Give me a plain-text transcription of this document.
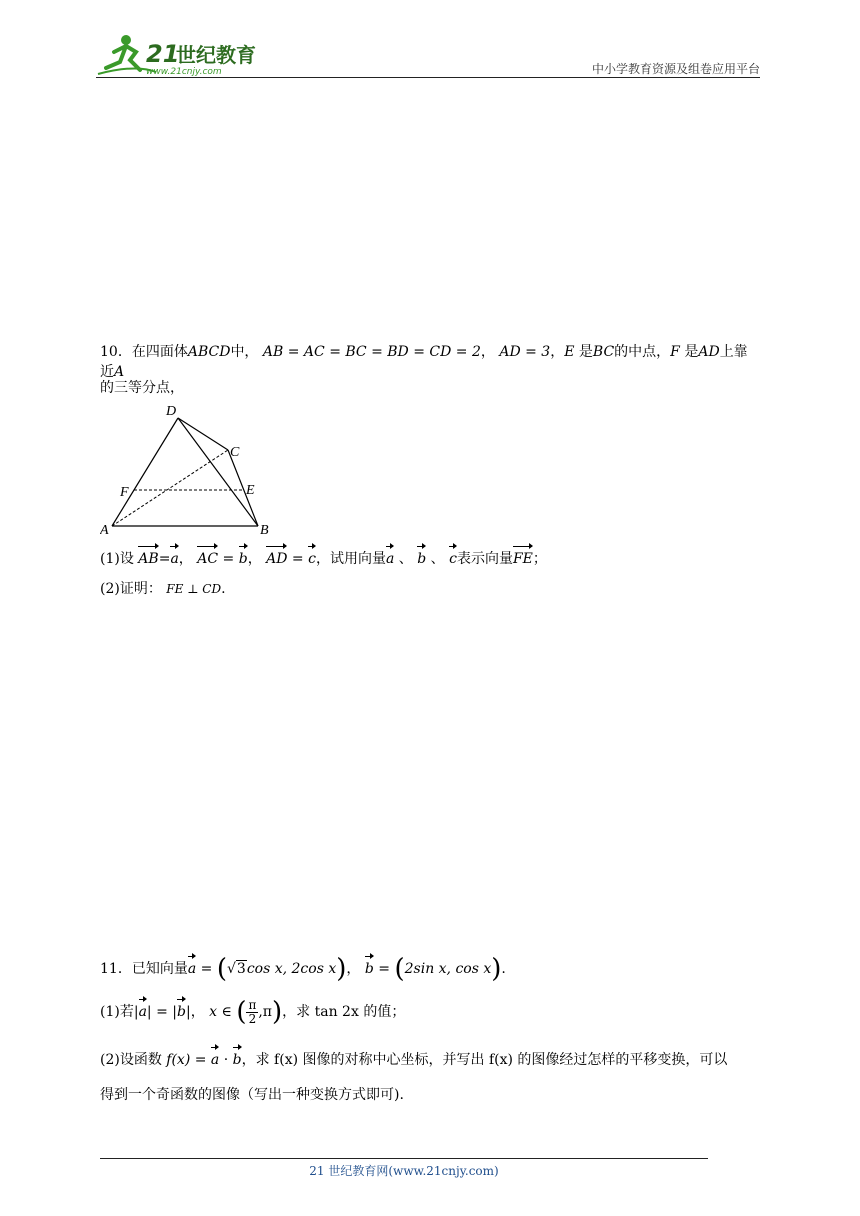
21
世纪教育
www.21cnjy.com	中小学教育资源及组卷应用平台
10．在四面体ABCD中， AB = AC = BC = BD = CD = 2， AD = 3，E 是BC的中点，F 是AD上靠近A
的三等分点，
D
C
F	E
A	B
(1)设 AB=a， AC = b， AD = c，试用向量a 、 b 、 c表示向量FE；
(2)证明： FE ⊥ CD.
11．已知向量a = (√3cos x, 2cos x)， b = (2sin x, cos x).
(1)若|a| = |b|， x ∈ ( $\frac{\pi}{2} ,\pi$)，求 tan 2x 的值；
(2)设函数 f(x) = a · b，求 f(x) 图像的对称中心坐标，并写出 f(x) 的图像经过怎样的平移变换，可以
得到一个奇函数的图像（写出一种变换方式即可).
21 世纪教育网(www.21cnjy.com)
